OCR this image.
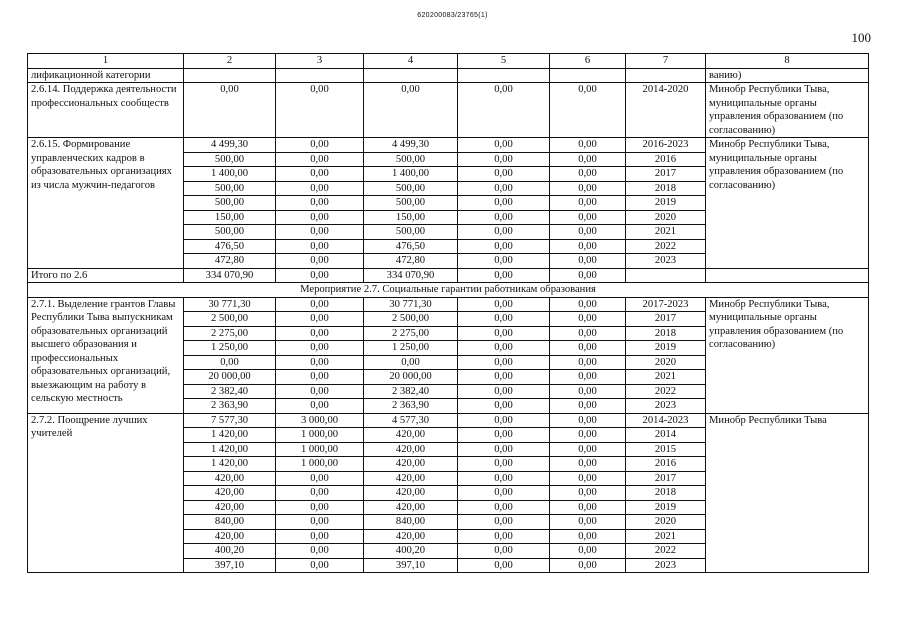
620200083/23765(1)
100
1	2	3	4	5	6	7	8
лификационной категории							ванию)
2.6.14. Поддержка деятельности профессиональных сообществ	0,00	0,00	0,00	0,00	0,00	2014-2020	Минобр Республики Тыва, муниципальные органы управления образованием (по согласованию)
2.6.15. Формирование управленческих кадров в образовательных организациях из числа мужчин-педагогов	4 499,30	0,00	4 499,30	0,00	0,00	2016-2023	Минобр Республики Тыва, муниципальные органы управления образованием (по согласованию)
	500,00	0,00	500,00	0,00	0,00	2016	
	1 400,00	0,00	1 400,00	0,00	0,00	2017	
	500,00	0,00	500,00	0,00	0,00	2018	
	500,00	0,00	500,00	0,00	0,00	2019	
	150,00	0,00	150,00	0,00	0,00	2020	
	500,00	0,00	500,00	0,00	0,00	2021	
	476,50	0,00	476,50	0,00	0,00	2022	
	472,80	0,00	472,80	0,00	0,00	2023	
Итого по 2.6	334 070,90	0,00	334 070,90	0,00	0,00		
Мероприятие 2.7. Социальные гарантии работникам образования							
2.7.1. Выделение грантов Главы Республики Тыва выпускникам образовательных организаций высшего образования и профессиональных образовательных организаций, выезжающим на работу в сельскую местность	30 771,30	0,00	30 771,30	0,00	0,00	2017-2023	Минобр Республики Тыва, муниципальные органы управления образованием (по согласованию)
	2 500,00	0,00	2 500,00	0,00	0,00	2017	
	2 275,00	0,00	2 275,00	0,00	0,00	2018	
	1 250,00	0,00	1 250,00	0,00	0,00	2019	
	0,00	0,00	0,00	0,00	0,00	2020	
	20 000,00	0,00	20 000,00	0,00	0,00	2021	
	2 382,40	0,00	2 382,40	0,00	0,00	2022	
	2 363,90	0,00	2 363,90	0,00	0,00	2023	
2.7.2. Поощрение лучших учителей	7 577,30	3 000,00	4 577,30	0,00	0,00	2014-2023	Минобр Республики Тыва
	1 420,00	1 000,00	420,00	0,00	0,00	2014	
	1 420,00	1 000,00	420,00	0,00	0,00	2015	
	1 420,00	1 000,00	420,00	0,00	0,00	2016	
	420,00	0,00	420,00	0,00	0,00	2017	
	420,00	0,00	420,00	0,00	0,00	2018	
	420,00	0,00	420,00	0,00	0,00	2019	
	840,00	0,00	840,00	0,00	0,00	2020	
	420,00	0,00	420,00	0,00	0,00	2021	
	400,20	0,00	400,20	0,00	0,00	2022	
	397,10	0,00	397,10	0,00	0,00	2023	
